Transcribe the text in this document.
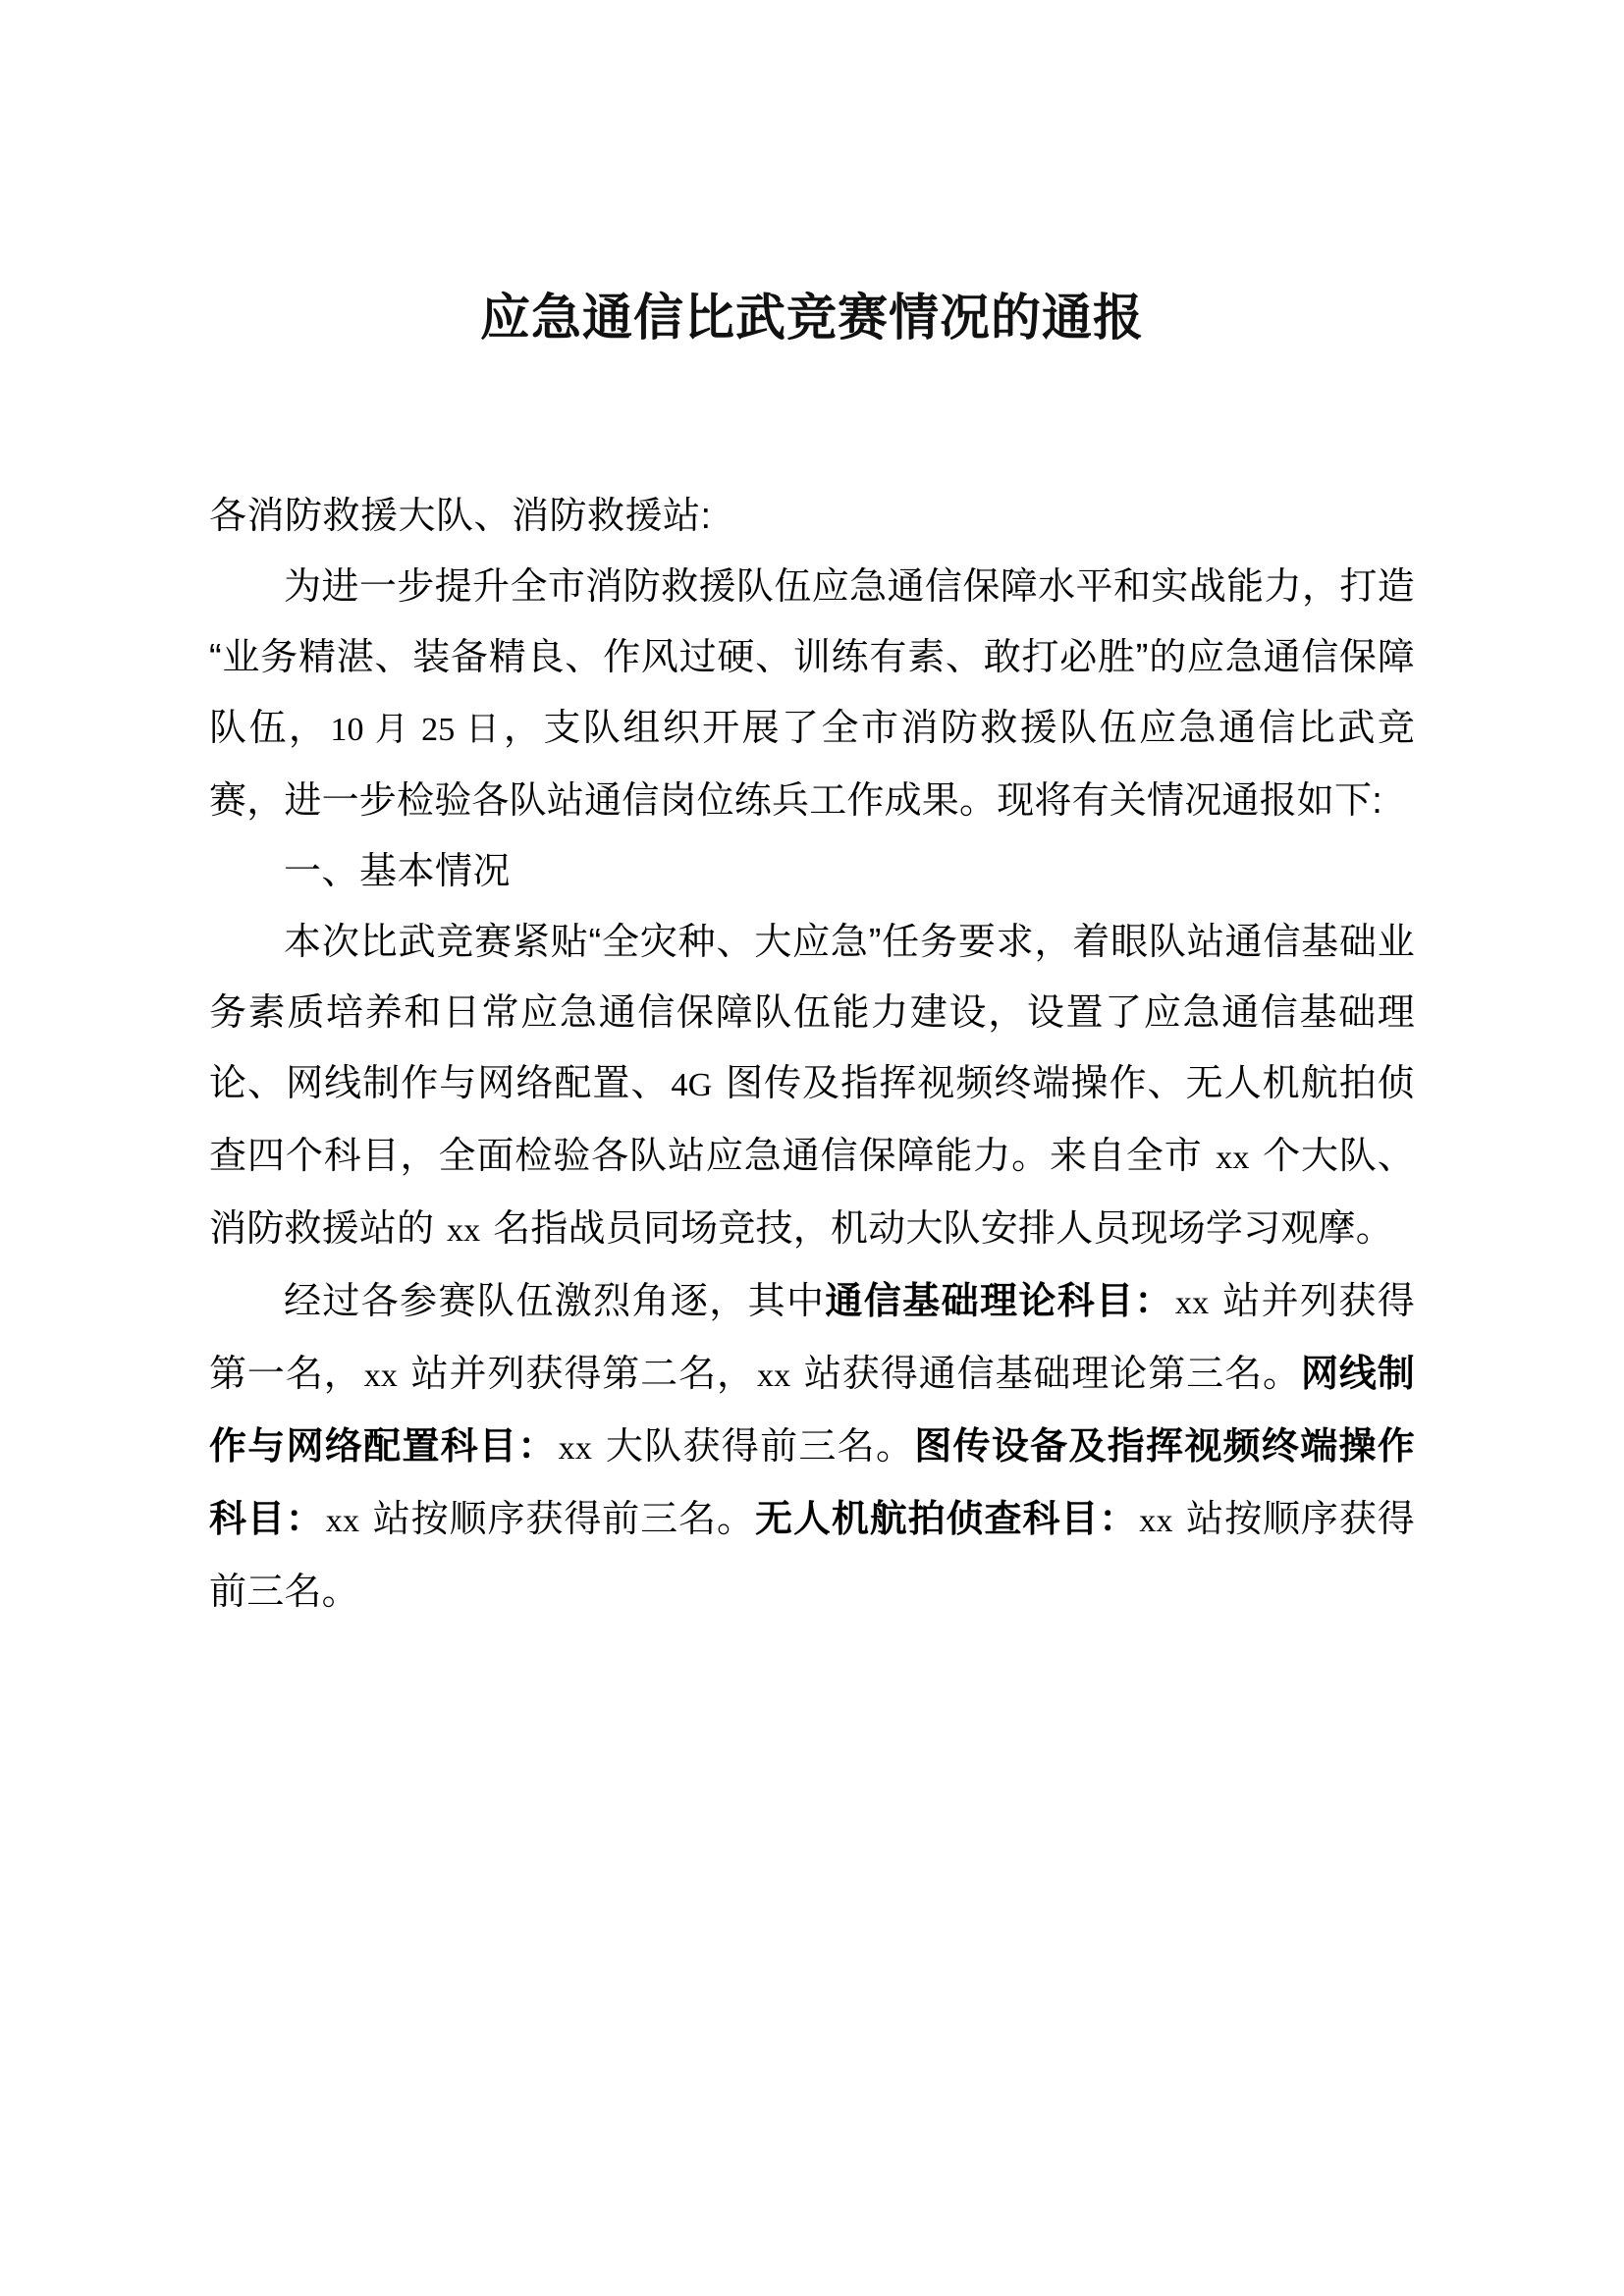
应急通信比武竞赛情况的通报

各消防救援大队、消防救援站:

为进一步提升全市消防救援队伍应急通信保障水平和实战能力，打造“业务精湛、装备精良、作风过硬、训练有素、敢打必胜”的应急通信保障队伍，10 月 25 日，支队组织开展了全市消防救援队伍应急通信比武竞赛，进一步检验各队站通信岗位练兵工作成果。现将有关情况通报如下:

一、基本情况

本次比武竞赛紧贴“全灾种、大应急”任务要求，着眼队站通信基础业务素质培养和日常应急通信保障队伍能力建设，设置了应急通信基础理论、网线制作与网络配置、4G 图传及指挥视频终端操作、无人机航拍侦查四个科目，全面检验各队站应急通信保障能力。来自全市 xx 个大队、消防救援站的 xx 名指战员同场竞技，机动大队安排人员现场学习观摩。

经过各参赛队伍激烈角逐，其中通信基础理论科目：xx 站并列获得第一名，xx 站并列获得第二名，xx 站获得通信基础理论第三名。网线制作与网络配置科目：xx 大队获得前三名。图传设备及指挥视频终端操作科目：xx 站按顺序获得前三名。无人机航拍侦查科目：xx 站按顺序获得前三名。
